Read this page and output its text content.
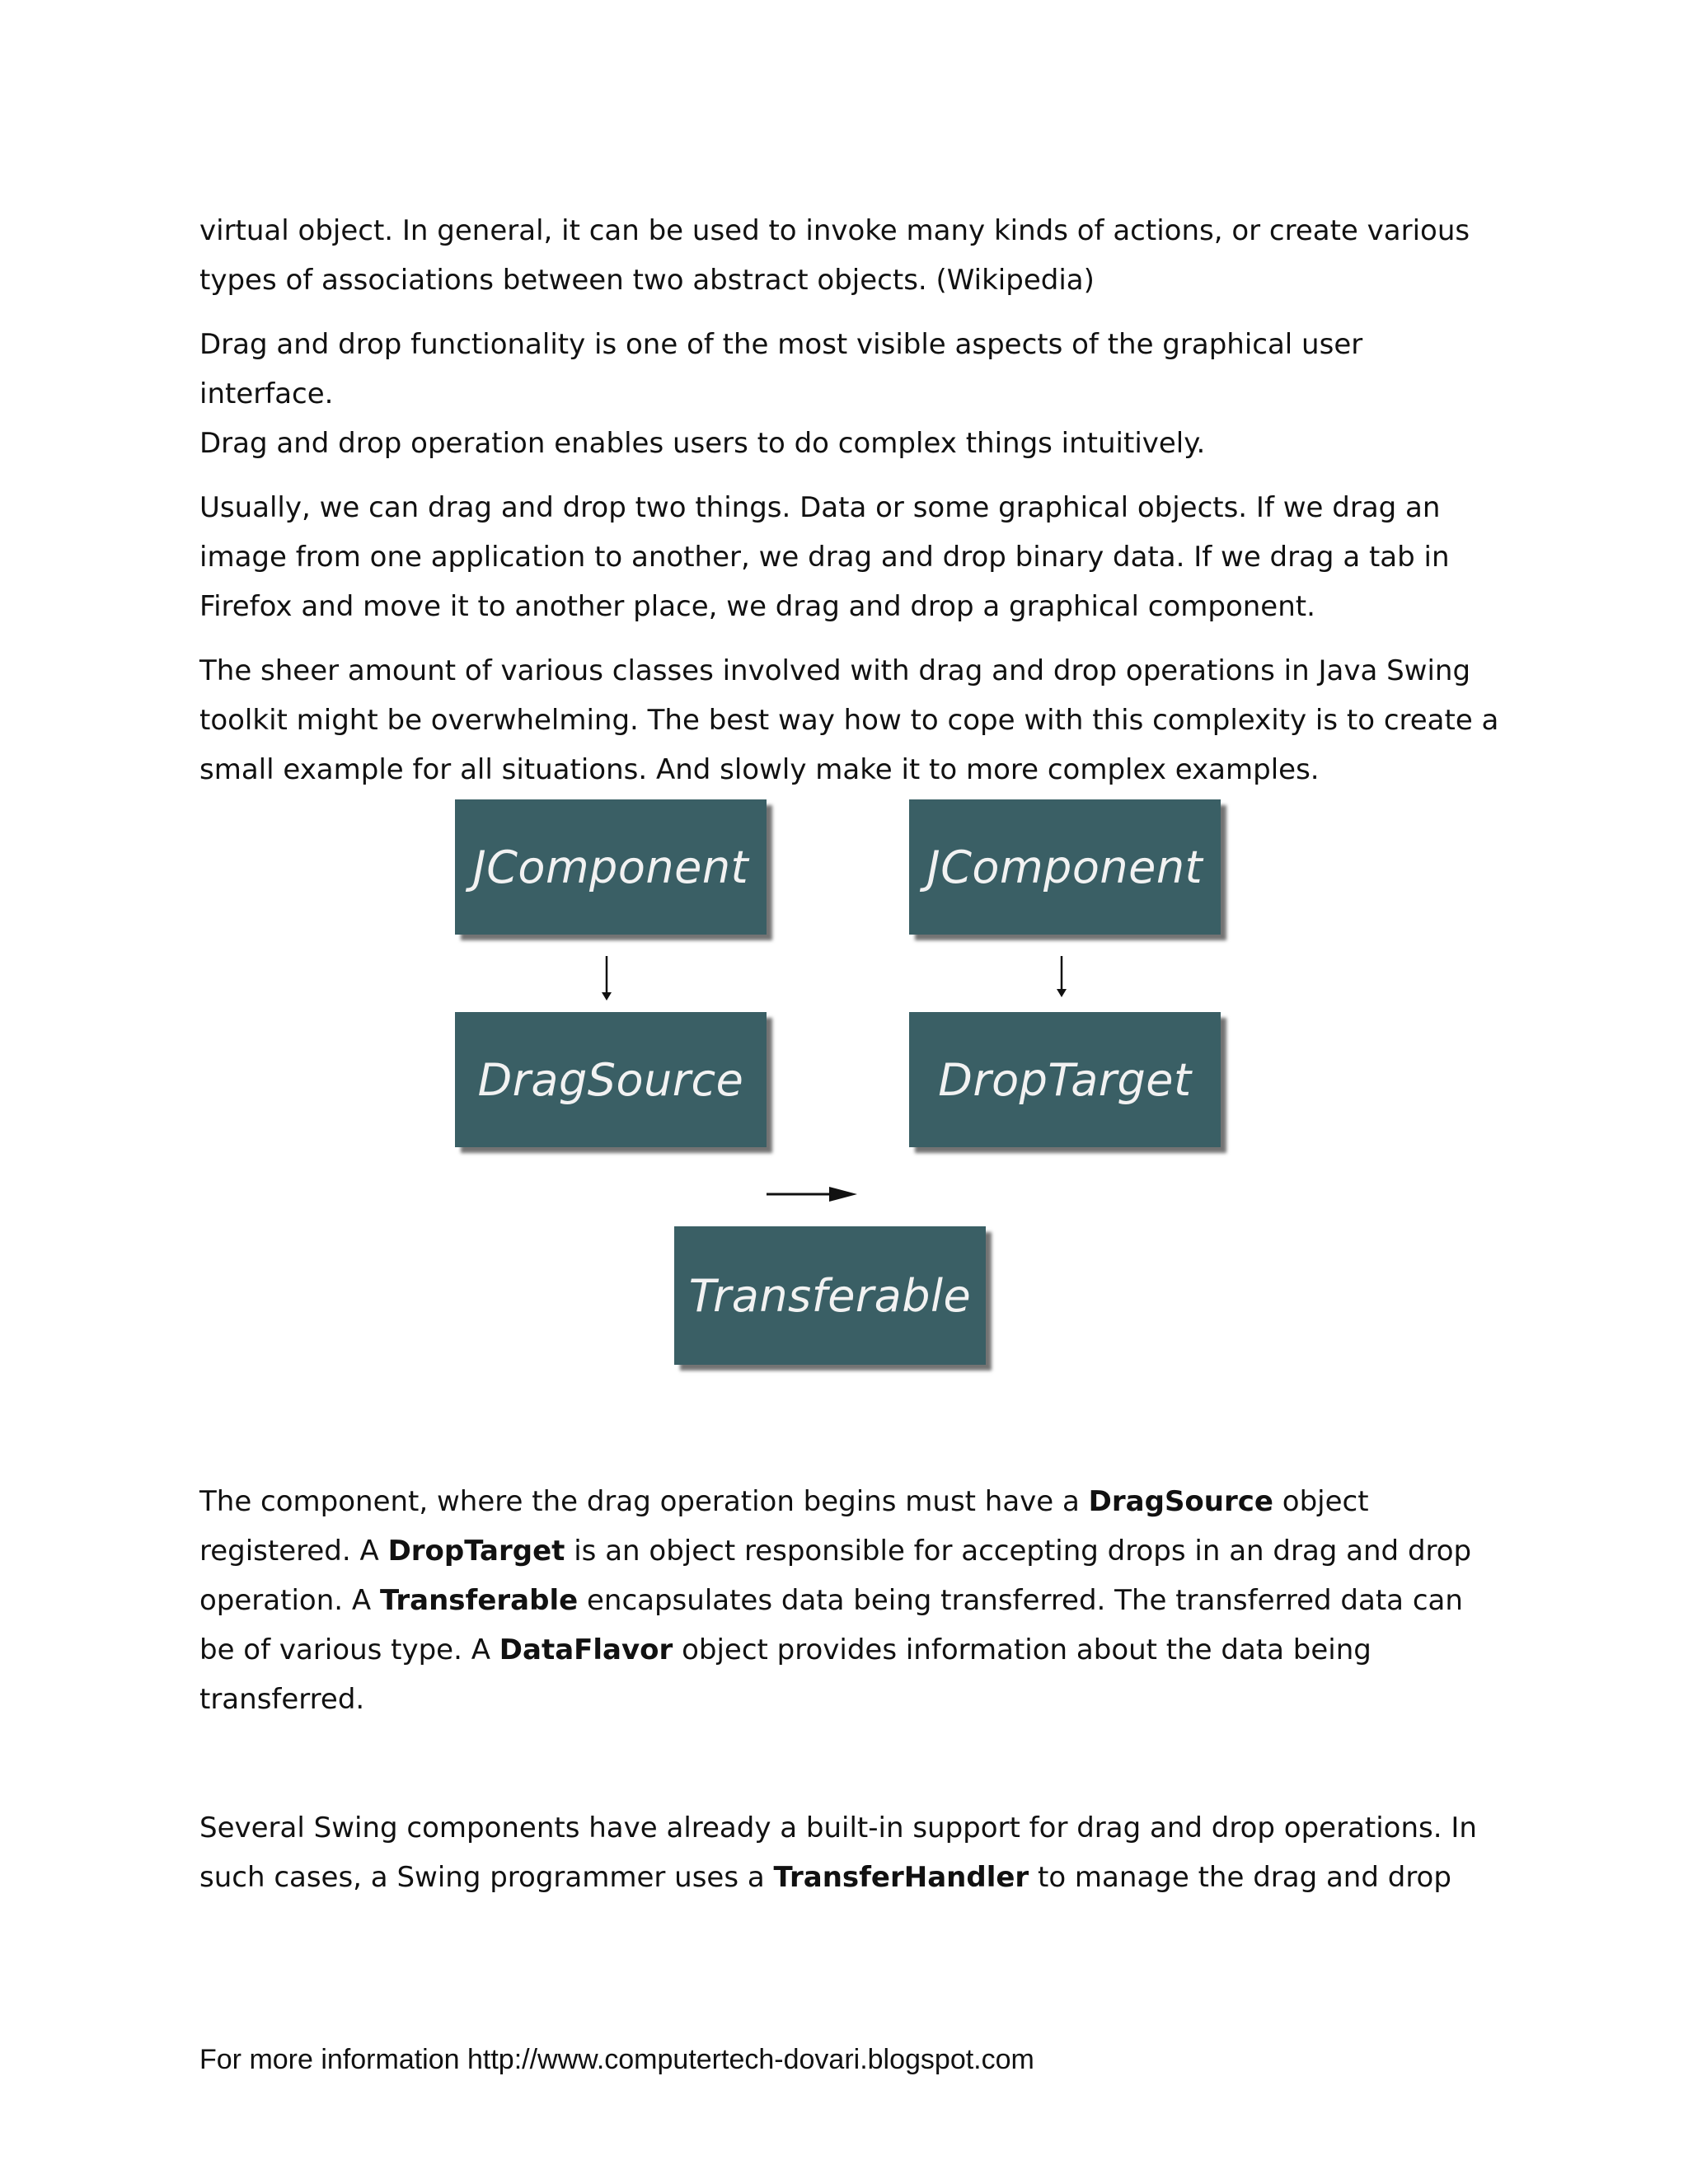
virtual object. In general, it can be used to invoke many kinds of actions, or create various
types of associations between two abstract objects. (Wikipedia)

Drag and drop functionality is one of the most visible aspects of the graphical user interface.
Drag and drop operation enables users to do complex things intuitively.

Usually, we can drag and drop two things. Data or some graphical objects. If we drag an
image from one application to another, we drag and drop binary data. If we drag a tab in
Firefox and move it to another place, we drag and drop a graphical component.

The sheer amount of various classes involved with drag and drop operations in Java Swing
toolkit might be overwhelming. The best way how to cope with this complexity is to create a
small example for all situations. And slowly make it to more complex examples.

JComponent	JComponent
DragSource	DropTarget
Transferable

The component, where the drag operation begins must have a DragSource object
registered. A DropTarget is an object responsible for accepting drops in an drag and drop
operation. A Transferable encapsulates data being transferred. The transferred data can
be of various type. A DataFlavor object provides information about the data being
transferred.

Several Swing components have already a built-in support for drag and drop operations. In
such cases, a Swing programmer uses a TransferHandler to manage the drag and drop

For more information http://www.computertech-dovari.blogspot.com
